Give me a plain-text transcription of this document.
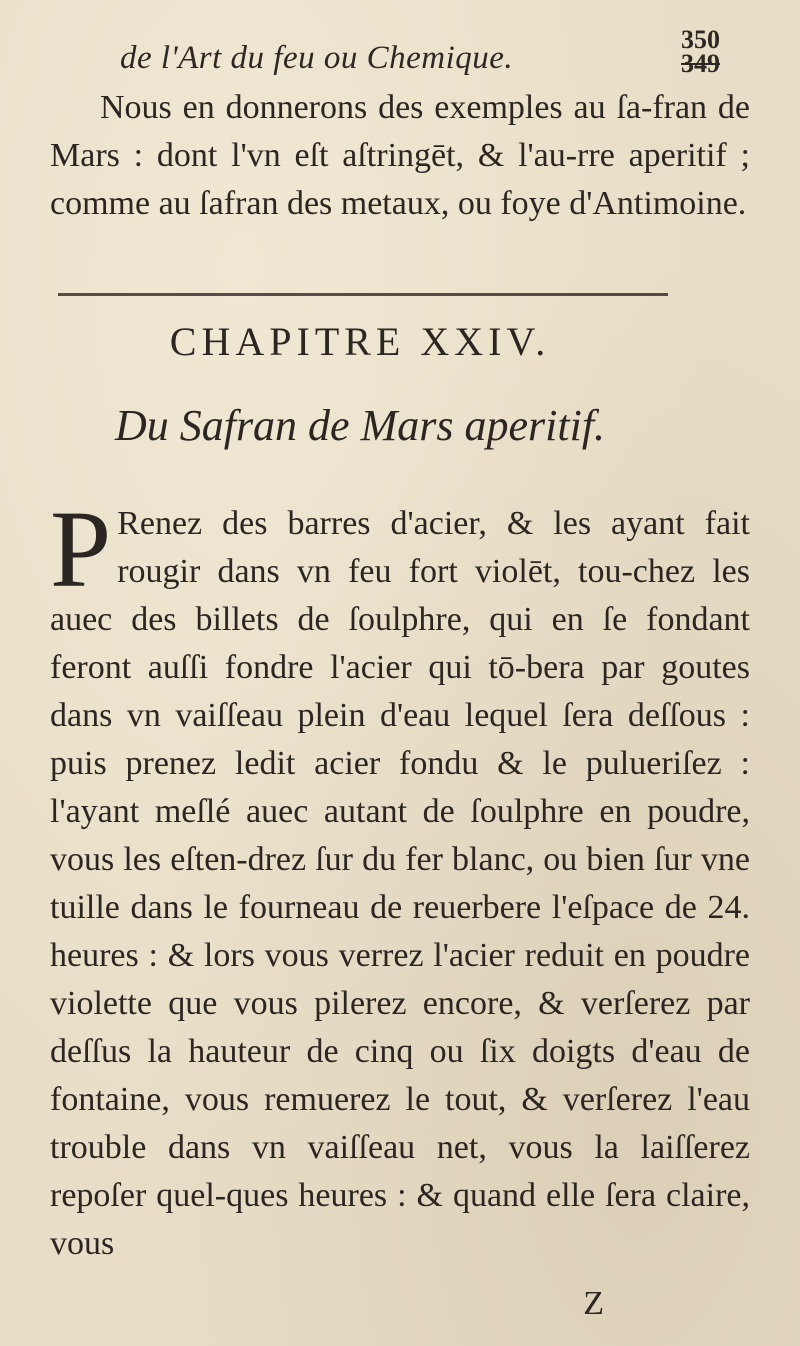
de l'Art du feu ou Chemique.
350
349

Nous en donnerons des exemples au ſa-fran de Mars : dont l'vn eſt aſtringēt, & l'au-rre aperitif ; comme au ſafran des metaux, ou foye d'Antimoine.

CHAPITRE XXIV.
Du Safran de Mars aperitif.

P Renez des barres d'acier, & les ayant fait rougir dans vn feu fort violēt, tou-chez les auec des billets de ſoulphre, qui en ſe fondant feront auſſi fondre l'acier qui tō-bera par goutes dans vn vaiſſeau plein d'eau lequel ſera deſſous : puis prenez ledit acier fondu & le pulueriſez : l'ayant meſlé auec autant de ſoulphre en poudre, vous les eſten-drez ſur du fer blanc, ou bien ſur vne tuille dans le fourneau de reuerbere l'eſpace de 24. heures : & lors vous verrez l'acier reduit en poudre violette que vous pilerez encore, & verſerez par deſſus la hauteur de cinq ou ſix doigts d'eau de fontaine, vous remuerez le tout, & verſerez l'eau trouble dans vn vaiſſeau net, vous la laiſſerez repoſer quel-ques heures : & quand elle ſera claire, vous

Z
